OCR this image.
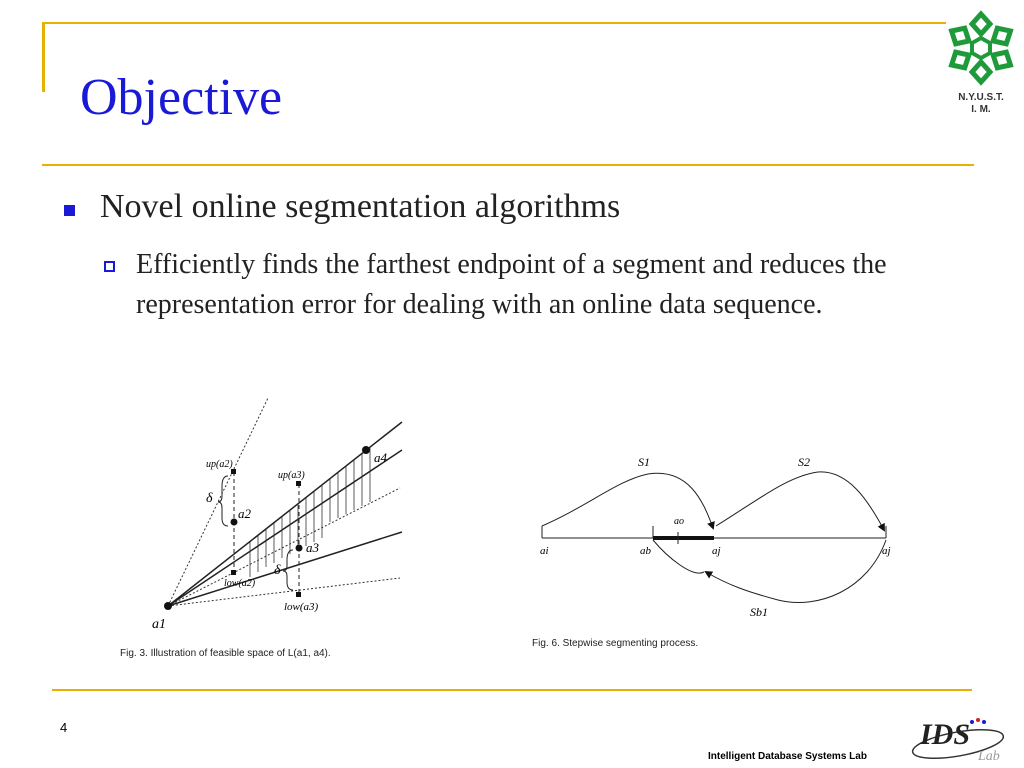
Objective	N.Y.U.S.T.
I. M.
Novel online segmentation algorithms
Efficiently finds the farthest endpoint of a segment and reduces the representation error for dealing with an online data sequence.
up(a2)
up(a3)
low(a2)
low(a3)
a1
a2
a3
a4
δ
δ
Fig. 3. Illustration of feasible space of L(a1, a4).
S1	S2
Sb1
ai	ab	aj	aj
ao
Fig. 6. Stepwise segmenting process.
4
Intelligent Database Systems Lab
IDS
Lab
